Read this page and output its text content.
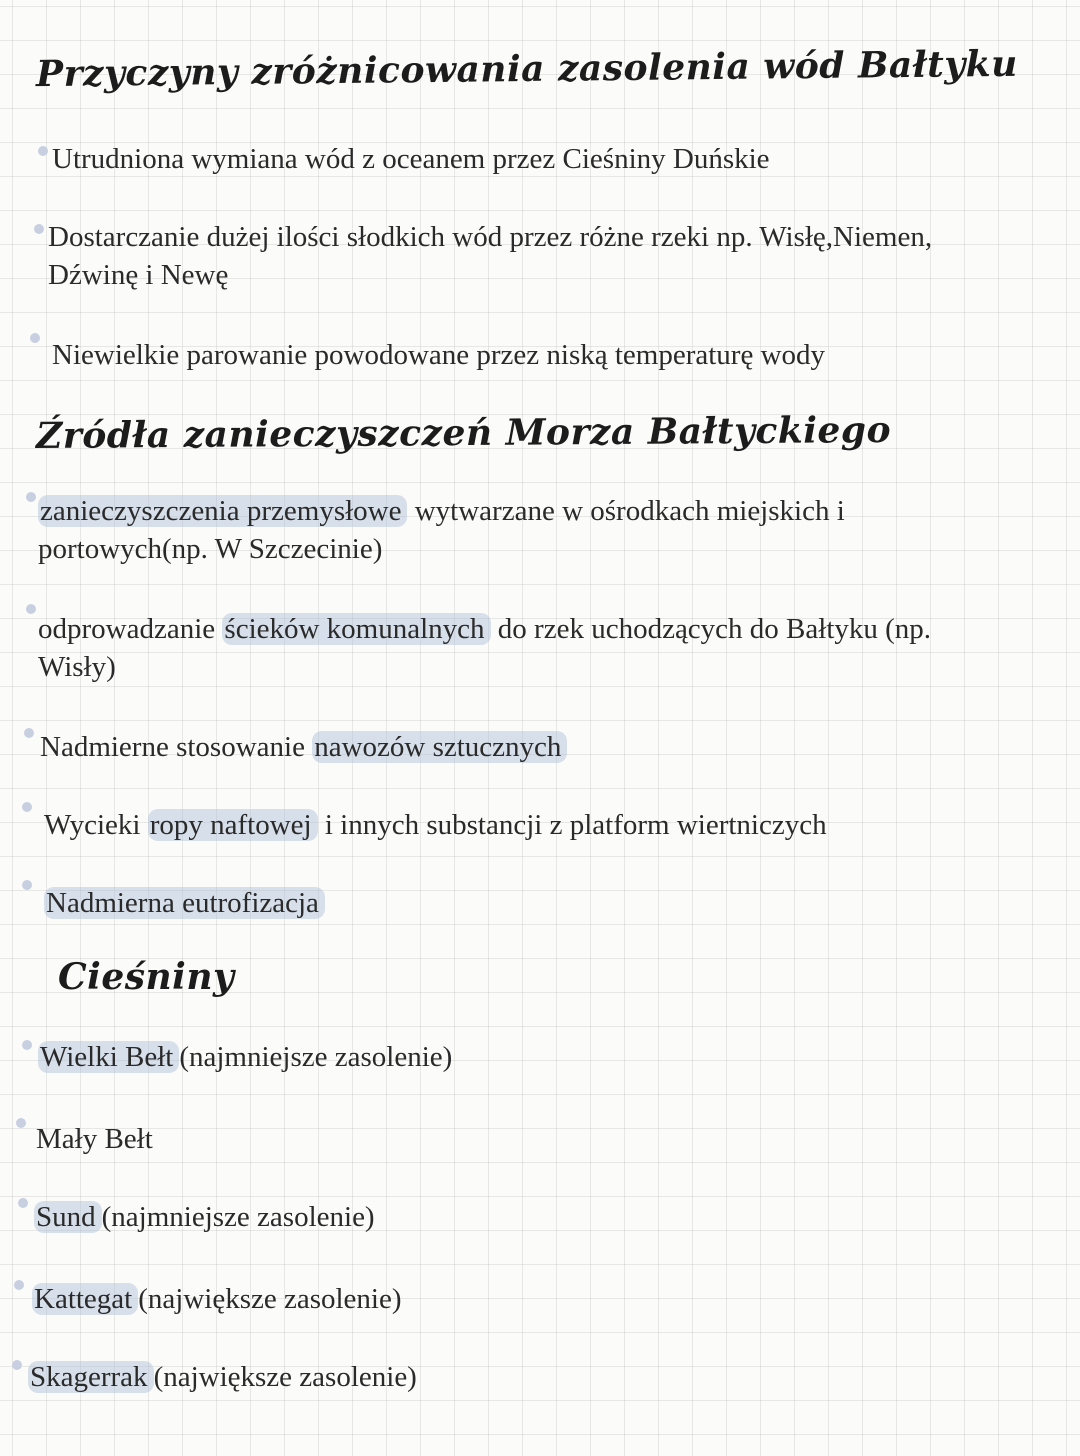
Przyczyny zróżnicowania zasolenia wód Bałtyku
Utrudniona wymiana wód z oceanem przez Cieśniny Duńskie
Dostarczanie dużej ilości słodkich wód przez różne rzeki np. Wisłę,Niemen,
Dźwinę i Newę
Niewielkie parowanie powodowane przez niską temperaturę wody
Źródła zanieczyszczeń Morza Bałtyckiego
zanieczyszczenia przemysłowe wytwarzane w ośrodkach miejskich i
portowych(np. W Szczecinie)
odprowadzanie ścieków komunalnych do rzek uchodzących do Bałtyku (np.
Wisły)
Nadmierne stosowanie nawozów sztucznych
Wycieki ropy naftowej i innych substancji z platform wiertniczych
Nadmierna eutrofizacja
Cieśniny
Wielki Bełt (najmniejsze zasolenie)
Mały Bełt
Sund (najmniejsze zasolenie)
Kattegat (największe zasolenie)
Skagerrak (największe zasolenie)
